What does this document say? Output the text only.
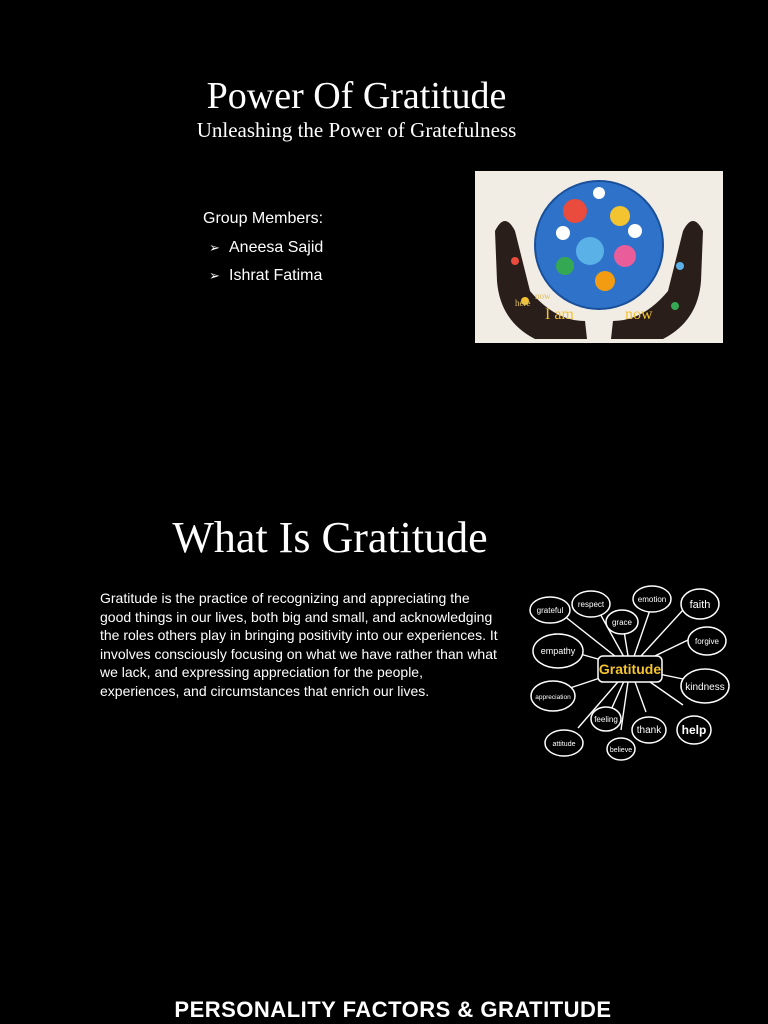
Power Of Gratitude
Unleashing the Power of Gratefulness
Group Members:
➢ Aneesa Sajid
➢ Ishrat Fatima
I am	now
here
now
What Is Gratitude
Gratitude is the practice of recognizing and appreciating the good things in our lives, both big and small, and acknowledging the roles others play in bringing positivity into our experiences. It involves consciously focusing on what we have rather than what we lack, and expressing appreciation for the people, experiences, and circumstances that enrich our lives.
Gratitude
grateful
respect
emotion faith
grace
empathy
forgive
kindness
appreciation
feeling
thank help
attitude
believe
PERSONALITY FACTORS & GRATITUDE
